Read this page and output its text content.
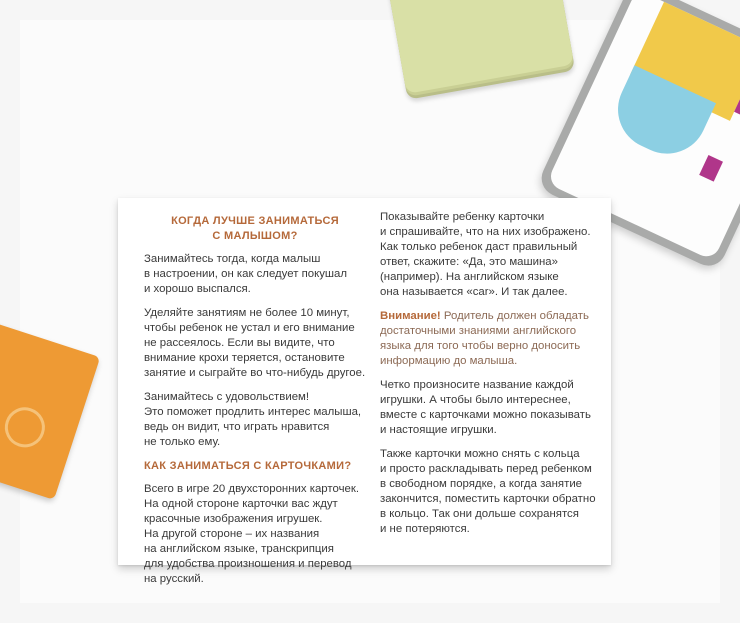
КОГДА ЛУЧШЕ ЗАНИМАТЬСЯ
С МАЛЫШОМ?

Занимайтесь тогда, когда малыш
в настроении, он как следует покушал
и хорошо выспался.

Уделяйте занятиям не более 10 минут,
чтобы ребенок не устал и его внимание
не рассеялось. Если вы видите, что
внимание крохи теряется, остановите
занятие и сыграйте во что-нибудь другое.

Занимайтесь с удовольствием!
Это поможет продлить интерес малыша,
ведь он видит, что играть нравится
не только ему.

КАК ЗАНИМАТЬСЯ С КАРТОЧКАМИ?

Всего в игре 20 двухсторонних карточек.
На одной стороне карточки вас ждут
красочные изображения игрушек.
На другой стороне – их названия
на английском языке, транскрипция
для удобства произношения и перевод
на русский.

Показывайте ребенку карточки
и спрашивайте, что на них изображено.
Как только ребенок даст правильный
ответ, скажите: «Да, это машина»
(например). На английском языке
она называется «car». И так далее.

Внимание! Родитель должен обладать
достаточными знаниями английского
языка для того чтобы верно доносить
информацию до малыша.

Четко произносите название каждой
игрушки. А чтобы было интереснее,
вместе с карточками можно показывать
и настоящие игрушки.

Также карточки можно снять с кольца
и просто раскладывать перед ребенком
в свободном порядке, а когда занятие
закончится, поместить карточки обратно
в кольцо. Так они дольше сохранятся
и не потеряются.
